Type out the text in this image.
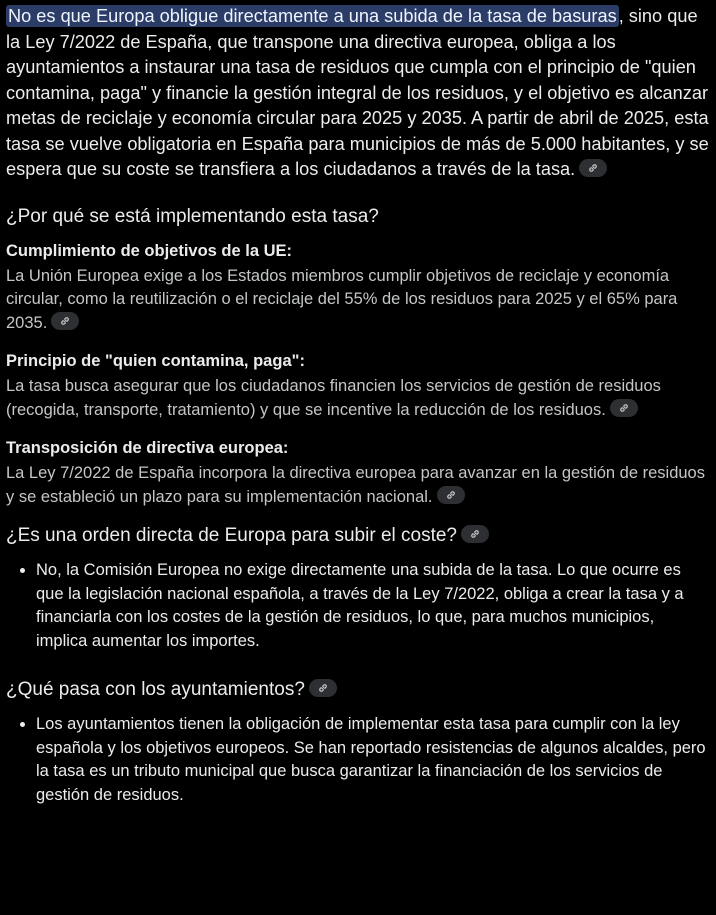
No es que Europa obligue directamente a una subida de la tasa de basuras , sino que la Ley 7/2022 de España, que transpone una directiva europea, obliga a los ayuntamientos a instaurar una tasa de residuos que cumpla con el principio de "quien contamina, paga" y financie la gestión integral de los residuos, y el objetivo es alcanzar metas de reciclaje y economía circular para 2025 y 2035. A partir de abril de 2025, esta tasa se vuelve obligatoria en España para municipios de más de 5.000 habitantes, y se espera que su coste se transfiera a los ciudadanos a través de la tasa.

¿Por qué se está implementando esta tasa?
Cumplimiento de objetivos de la UE:

La Unión Europea exige a los Estados miembros cumplir objetivos de reciclaje y economía circular, como la reutilización o el reciclaje del 55% de los residuos para 2025 y el 65% para 2035.

Principio de "quien contamina, paga":

La tasa busca asegurar que los ciudadanos financien los servicios de gestión de residuos (recogida, transporte, tratamiento) y que se incentive la reducción de los residuos.

Transposición de directiva europea:

La Ley 7/2022 de España incorpora la directiva europea para avanzar en la gestión de residuos y se estableció un plazo para su implementación nacional.

¿Es una orden directa de Europa para subir el coste?
• No, la Comisión Europea no exige directamente una subida de la tasa. Lo que ocurre es que la legislación nacional española, a través de la Ley 7/2022, obliga a crear la tasa y a financiarla con los costes de la gestión de residuos, lo que, para muchos municipios, implica aumentar los importes.
¿Qué pasa con los ayuntamientos?
• Los ayuntamientos tienen la obligación de implementar esta tasa para cumplir con la ley española y los objetivos europeos. Se han reportado resistencias de algunos alcaldes, pero la tasa es un tributo municipal que busca garantizar la financiación de los servicios de gestión de residuos.
